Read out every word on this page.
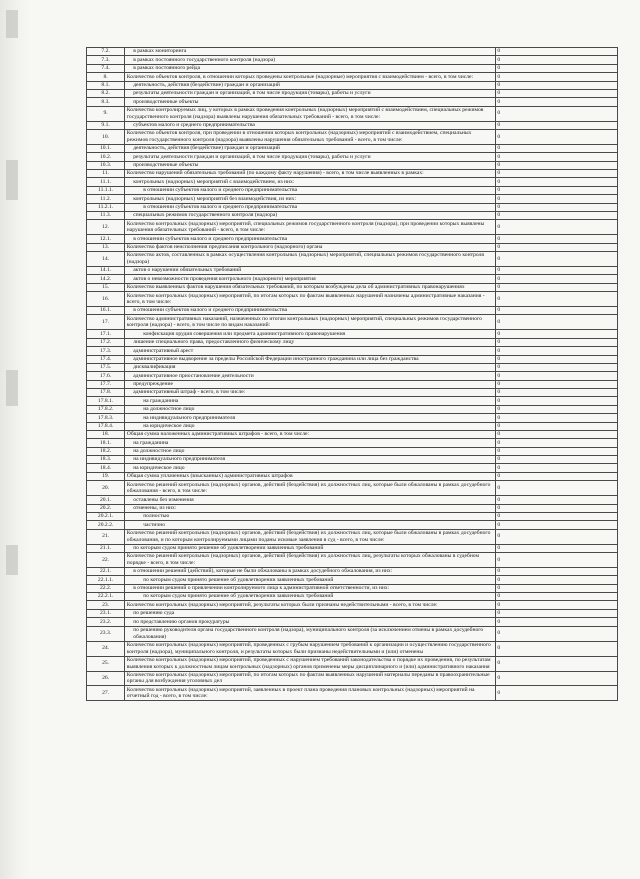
7.2.	в рамках мониторинга	0
7.3.	в рамках постоянного государственного контроля (надзора)	0
7.4.	в рамках постоянного рейда	0
8.	Количество объектов контроля, в отношении которых проведены контрольные (надзорные) мероприятия с взаимодействием - всего, в том числе:	0
8.1.	деятельность, действия (бездействие) граждан и организаций	0
8.2.	результаты деятельности граждан и организаций, в том числе продукция (товары), работы и услуги	0
8.3.	производственные объекты	0
9.	Количество контролируемых лиц, у которых в рамках проведения контрольных (надзорных) мероприятий с взаимодействием, специальных режимов государственного контроля (надзора) выявлены нарушения обязательных требований - всего, в том числе:	0
9.1.	субъектов малого и среднего предпринимательства	0
10.	Количество объектов контроля, при проведении в отношении которых контрольных (надзорных) мероприятий с взаимодействием, специальных режимов государственного контроля (надзора) выявлены нарушения обязательных требований - всего, в том числе:	0
10.1.	деятельность, действия (бездействие) граждан и организаций	0
10.2.	результаты деятельности граждан и организаций, в том числе продукция (товары), работы и услуги	0
10.3.	производственные объекты	0
11.	Количество нарушений обязательных требований (по каждому факту нарушения) - всего, в том числе выявленных в рамках:	0
11.1.	контрольных (надзорных) мероприятий с взаимодействием, из них:	0
11.1.1.	в отношении субъектов малого и среднего предпринимательства	0
11.2.	контрольных (надзорных) мероприятий без взаимодействия, из них:	0
11.2.1.	в отношении субъектов малого и среднего предпринимательства	0
11.3.	специальных режимов государственного контроля (надзора)	0
12.	Количество контрольных (надзорных) мероприятий, специальных режимов государственного контроля (надзора), при проведении которых выявлены нарушения обязательных требований - всего, в том числе:	0
12.1.	в отношении субъектов малого и среднего предпринимательства	0
13.	Количество фактов неисполнения предписания контрольного (надзорного) органа	0
14.	Количество актов, составленных в рамках осуществления контрольных (надзорных) мероприятий, специальных режимов государственного контроля (надзора)	0
14.1.	актов о нарушении обязательных требований	0
14.2.	актов о невозможности проведения контрольного (надзорного) мероприятия	0
15.	Количество выявленных фактов нарушения обязательных требований, по которым возбуждены дела об административных правонарушениях	0
16.	Количество контрольных (надзорных) мероприятий, по итогам которых по фактам выявленных нарушений назначены административные наказания - всего, в том числе:	0
16.1.	в отношении субъектов малого и среднего предпринимательства	0
17.	Количество административных наказаний, назначенных по итогам контрольных (надзорных) мероприятий, специальных режимов государственного контроля (надзора) - всего, в том числе по видам наказаний:	0
17.1.	конфискация орудия совершения или предмета административного правонарушения	0
17.2.	лишение специального права, предоставленного физическому лицу	0
17.3.	административный арест	0
17.4.	административное выдворение за пределы Российской Федерации иностранного гражданина или лица без гражданства	0
17.5.	дисквалификация	0
17.6.	административное приостановление деятельности	0
17.7.	предупреждение	0
17.8.	административный штраф - всего, в том числе:	0
17.8.1.	на гражданина	0
17.8.2.	на должностное лицо	0
17.8.3.	на индивидуального предпринимателя	0
17.8.4.	на юридическое лицо	0
18.	Общая сумма наложенных административных штрафов - всего, в том числе:	0
18.1.	на гражданина	0
18.2.	на должностное лицо	0
18.3.	на индивидуального предпринимателя	0
18.4.	на юридическое лицо	0
19.	Общая сумма уплаченных (взысканных) административных штрафов	0
20.	Количество решений контрольных (надзорных) органов, действий (бездействия) их должностных лиц, которые были обжалованы в рамках досудебного обжалования - всего, в том числе:	0
20.1.	оставлены без изменения	0
20.2.	отменены, из них:	0
20.2.1.	полностью	0
20.2.2.	частично	0
21.	Количество решений контрольных (надзорных) органов, действий (бездействия) их должностных лиц, которые были обжалованы в рамках досудебного обжалования, и по которым контролируемыми лицами поданы исковые заявления в суд - всего, в том числе:	0
21.1.	по которым судом принято решение об удовлетворении заявленных требований	0
22.	Количество решений контрольных (надзорных) органов, действий (бездействия) их должностных лиц, результаты которых обжалованы в судебном порядке - всего, в том числе:	0
22.1.	в отношении решений (действий), которые не были обжалованы в рамках досудебного обжалования, из них:	0
22.1.1.	по которым судом принято решение об удовлетворении заявленных требований	0
22.2.	в отношении решений о привлечении контролируемого лица к административной ответственности, из них:	0
22.2.1.	по которым судом принято решение об удовлетворении заявленных требований	0
23.	Количество контрольных (надзорных) мероприятий, результаты которых были признаны недействительными - всего, в том числе:	0
23.1.	по решению суда	0
23.2.	по представлению органов прокуратуры	0
23.3.	по решению руководителя органа государственного контроля (надзора), муниципального контроля (за исключением отмены в рамках досудебного обжалования)	0
24.	Количество контрольных (надзорных) мероприятий, проведенных с грубым нарушением требований к организации и осуществлению государственного контроля (надзора), муниципального контроля, и результаты которых были признаны недействительными и (или) отменены	0
25.	Количество контрольных (надзорных) мероприятий, проведенных с нарушением требований законодательства о порядке их проведения, по результатам выявления которых к должностным лицам контрольных (надзорных) органов применены меры дисциплинарного и (или) административного наказания	0
26.	Количество контрольных (надзорных) мероприятий, по итогам которых по фактам выявленных нарушений материалы переданы в правоохранительные органы для возбуждения уголовных дел	0
27.	Количество контрольных (надзорных) мероприятий, заявленных в проект плана проведения плановых контрольных (надзорных) мероприятий на отчетный год - всего, в том числе:	0
